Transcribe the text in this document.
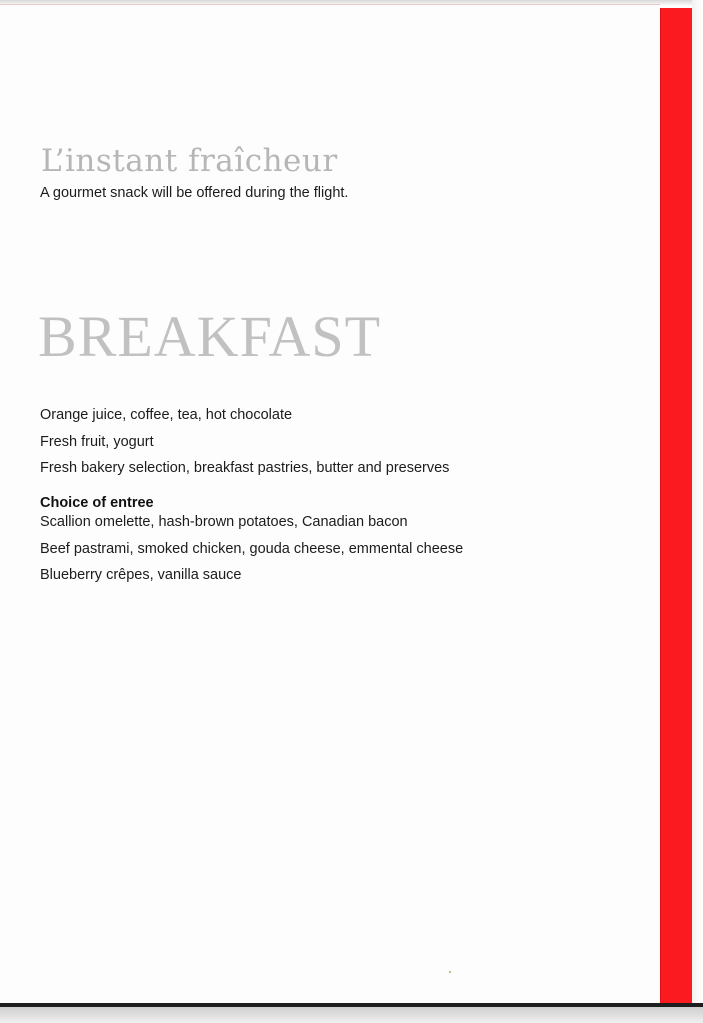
L’instant fraîcheur

A gourmet snack will be offered during the flight.

BREAKFAST
Orange juice, coffee, tea, hot chocolate
Fresh fruit, yogurt
Fresh bakery selection, breakfast pastries, butter and preserves
Choice of entree
Scallion omelette, hash-brown potatoes, Canadian bacon
Beef pastrami, smoked chicken, gouda cheese, emmental cheese
Blueberry crêpes, vanilla sauce
